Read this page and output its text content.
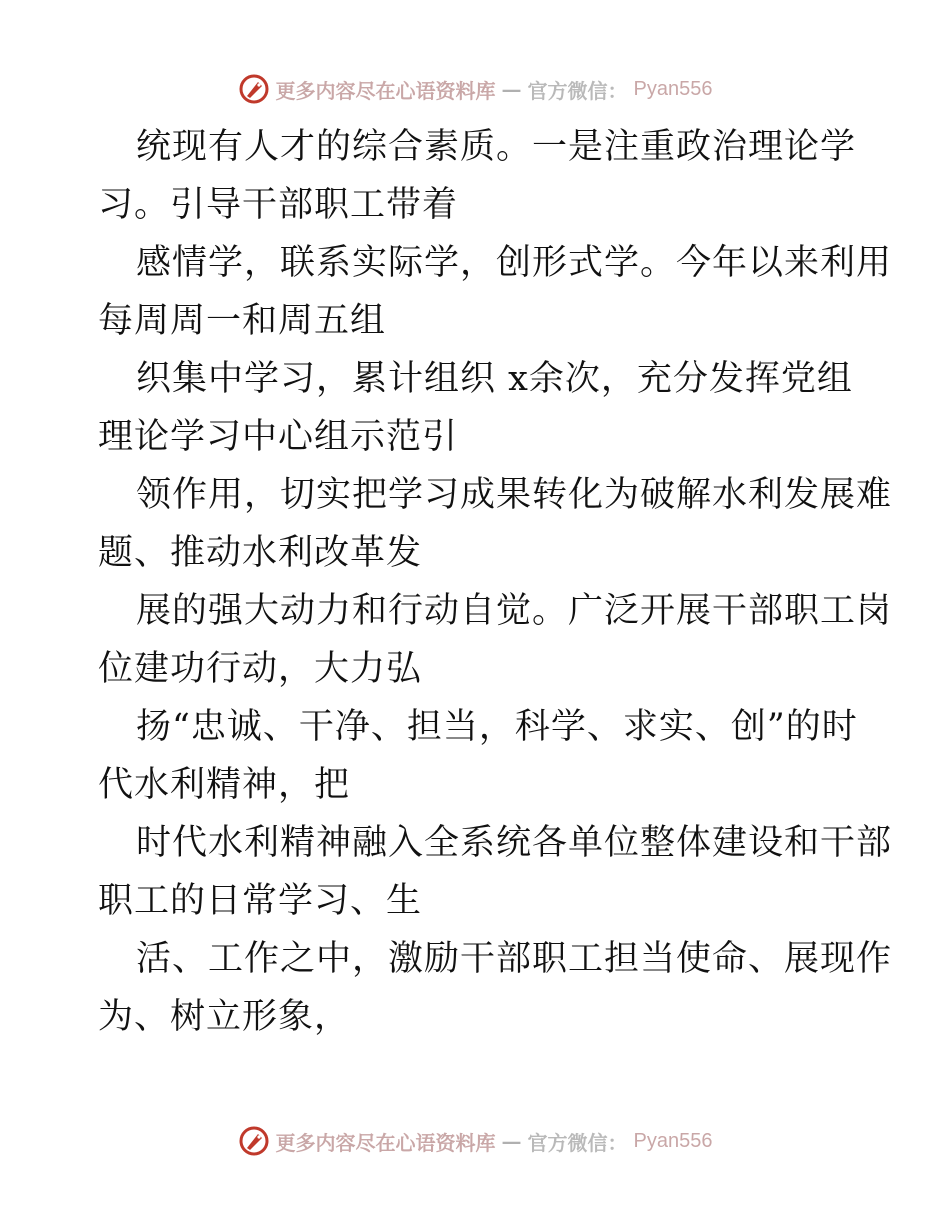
更多内容尽在心语资料库 — 官方微信： Pyan556
统现有人才的综合素质。一是注重政治理论学
习。引导干部职工带着
感情学，联系实际学，创形式学。今年以来利用
每周周一和周五组
织集中学习，累计组织 x余次，充分发挥党组
理论学习中心组示范引
领作用，切实把学习成果转化为破解水利发展难
题、推动水利改革发
展的强大动力和行动自觉。广泛开展干部职工岗
位建功行动，大力弘
扬“忠诚、干净、担当，科学、求实、创”的时
代水利精神，把
时代水利精神融入全系统各单位整体建设和干部
职工的日常学习、生
活、工作之中，激励干部职工担当使命、展现作
为、树立形象，
更多内容尽在心语资料库 — 官方微信： Pyan556
